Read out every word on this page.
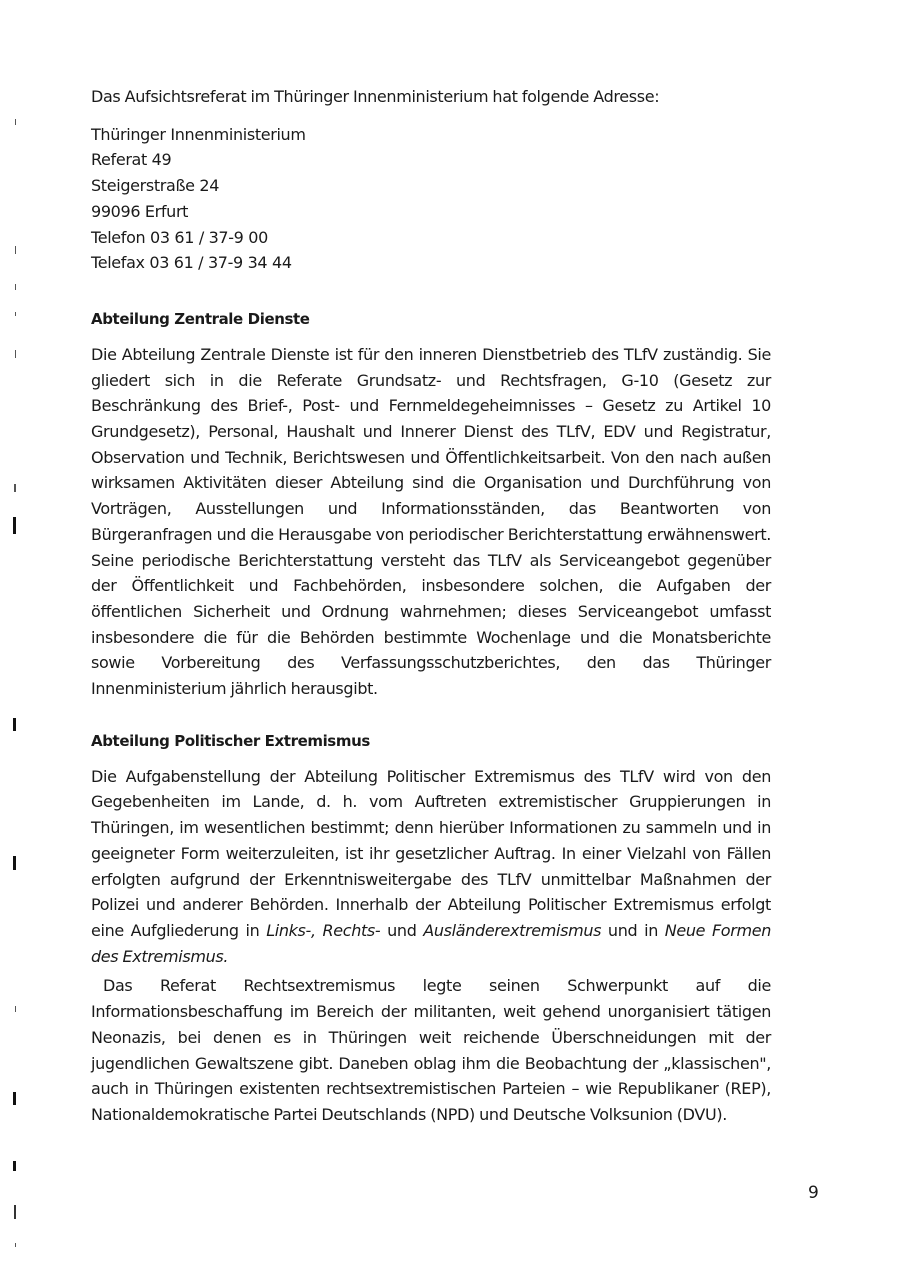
Das Aufsichtsreferat im Thüringer Innenministerium hat folgende Adresse:

Thüringer Innenministerium
Referat 49
Steigerstraße 24
99096 Erfurt
Telefon 03 61 / 37-9 00
Telefax 03 61 / 37-9 34 44
Abteilung Zentrale Dienste

Die Abteilung Zentrale Dienste ist für den inneren Dienstbetrieb des TLfV zuständig. Sie gliedert sich in die Referate Grundsatz- und Rechtsfragen, G-10 (Gesetz zur Beschränkung des Brief-, Post- und Fernmeldegeheimnisses – Gesetz zu Artikel 10 Grundgesetz), Personal, Haushalt und Innerer Dienst des TLfV, EDV und Registratur, Observation und Technik, Berichtswesen und Öffentlichkeitsarbeit. Von den nach außen wirksamen Aktivitäten dieser Abteilung sind die Organisation und Durchführung von Vorträgen, Ausstellungen und Informationsständen, das Beantworten von Bürgeranfragen und die Herausgabe von periodischer Berichterstattung erwähnenswert. Seine periodische Berichterstattung versteht das TLfV als Serviceangebot gegenüber der Öffentlichkeit und Fachbehörden, insbesondere solchen, die Aufgaben der öffentlichen Sicherheit und Ordnung wahrnehmen; dieses Serviceangebot umfasst insbesondere die für die Behörden bestimmte Wochenlage und die Monatsberichte sowie Vorbereitung des Verfassungsschutzberichtes, den das Thüringer Innenministerium jährlich herausgibt.

Abteilung Politischer Extremismus

Die Aufgabenstellung der Abteilung Politischer Extremismus des TLfV wird von den Gegebenheiten im Lande, d. h. vom Auftreten extremistischer Gruppierungen in Thüringen, im wesentlichen bestimmt; denn hierüber Informationen zu sammeln und in geeigneter Form weiterzuleiten, ist ihr gesetzlicher Auftrag. In einer Vielzahl von Fällen erfolgten aufgrund der Erkenntnisweitergabe des TLfV unmittelbar Maßnahmen der Polizei und anderer Behörden. Innerhalb der Abteilung Politischer Extremismus erfolgt eine Aufgliederung in Links-, Rechts- und Ausländerextremismus und in Neue Formen des Extremismus.

Das Referat Rechtsextremismus legte seinen Schwerpunkt auf die Informationsbeschaffung im Bereich der militanten, weit gehend unorganisiert tätigen Neonazis, bei denen es in Thüringen weit reichende Überschneidungen mit der jugendlichen Gewaltszene gibt. Daneben oblag ihm die Beobachtung der „klassischen", auch in Thüringen existenten rechtsextremistischen Parteien – wie Republikaner (REP), Nationaldemokratische Partei Deutschlands (NPD) und Deutsche Volksunion (DVU).

9
